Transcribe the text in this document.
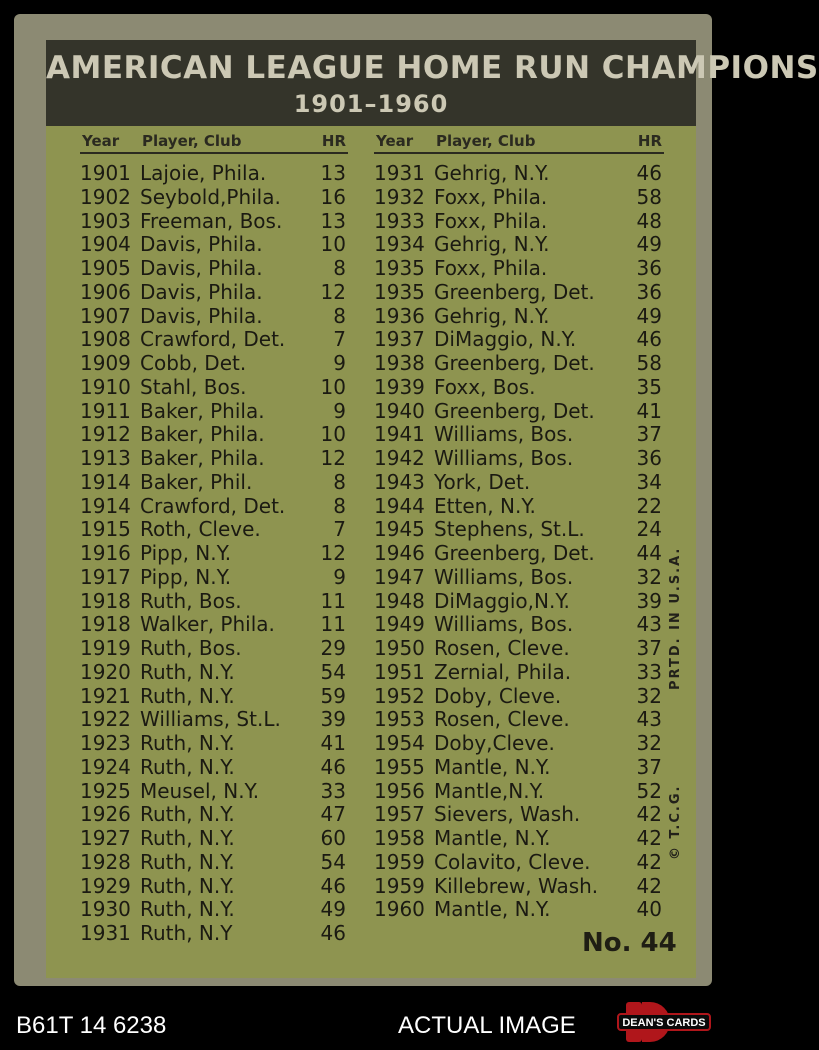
AMERICAN LEAGUE HOME RUN CHAMPIONS
1901–1960
Year Player, Club	HR
1901 Lajoie, Phila.	13
1902 Seybold,Phila. 16
1903 Freeman, Bos. 13
1904 Davis, Phila.	10
1905 Davis, Phila.	8
1906 Davis, Phila.	12
1907 Davis, Phila.	8
1908 Crawford, Det. 7
1909 Cobb, Det.	9
1910 Stahl, Bos.	10
1911 Baker, Phila.	9
1912 Baker, Phila.	10
1913 Baker, Phila.	12
1914 Baker, Phil.	8
1914 Crawford, Det. 8
1915 Roth, Cleve.	7
1916 Pipp, N.Y.	12
1917 Pipp, N.Y.	9
1918 Ruth, Bos.	11
1918 Walker, Phila. 11
1919 Ruth, Bos.	29
1920 Ruth, N.Y.	54
1921 Ruth, N.Y.	59
1922 Williams, St.L. 39
1923 Ruth, N.Y.	41
1924 Ruth, N.Y.	46
1925 Meusel, N.Y.	33
1926 Ruth, N.Y.	47
1927 Ruth, N.Y.	60
1928 Ruth, N.Y.	54
1929 Ruth, N.Y.	46
1930 Ruth, N.Y.	49
1931 Ruth, N.Y	46
Year Player, Club	HR
1931 Gehrig, N.Y.	46
1932 Foxx, Phila.	58
1933 Foxx, Phila.	48
1934 Gehrig, N.Y.	49
1935 Foxx, Phila.	36
1935 Greenberg, Det. 36
1936 Gehrig, N.Y.	49
1937 DiMaggio, N.Y.	46
1938 Greenberg, Det. 58
1939 Foxx, Bos.	35
1940 Greenberg, Det. 41
1941 Williams, Bos.	37
1942 Williams, Bos.	36
1943 York, Det.	34
1944 Etten, N.Y.	22
1945 Stephens, St.L.	24
1946 Greenberg, Det. 44
1947 Williams, Bos.	32
1948 DiMaggio,N.Y.	39
1949 Williams, Bos.	43
1950 Rosen, Cleve.	37
1951 Zernial, Phila.	33
1952 Doby, Cleve.	32
1953 Rosen, Cleve.	43
1954 Doby,Cleve.	32
1955 Mantle, N.Y.	37
1956 Mantle,N.Y.	52
1957 Sievers, Wash.	42
1958 Mantle, N.Y.	42
1959 Colavito, Cleve. 42
1959 Killebrew, Wash. 42
1960 Mantle, N.Y.	40
PRTD. IN U.S.A.
© T.C.G.
No. 44
B61T 14 6238	ACTUAL IMAGE	DEAN'S CARDS
